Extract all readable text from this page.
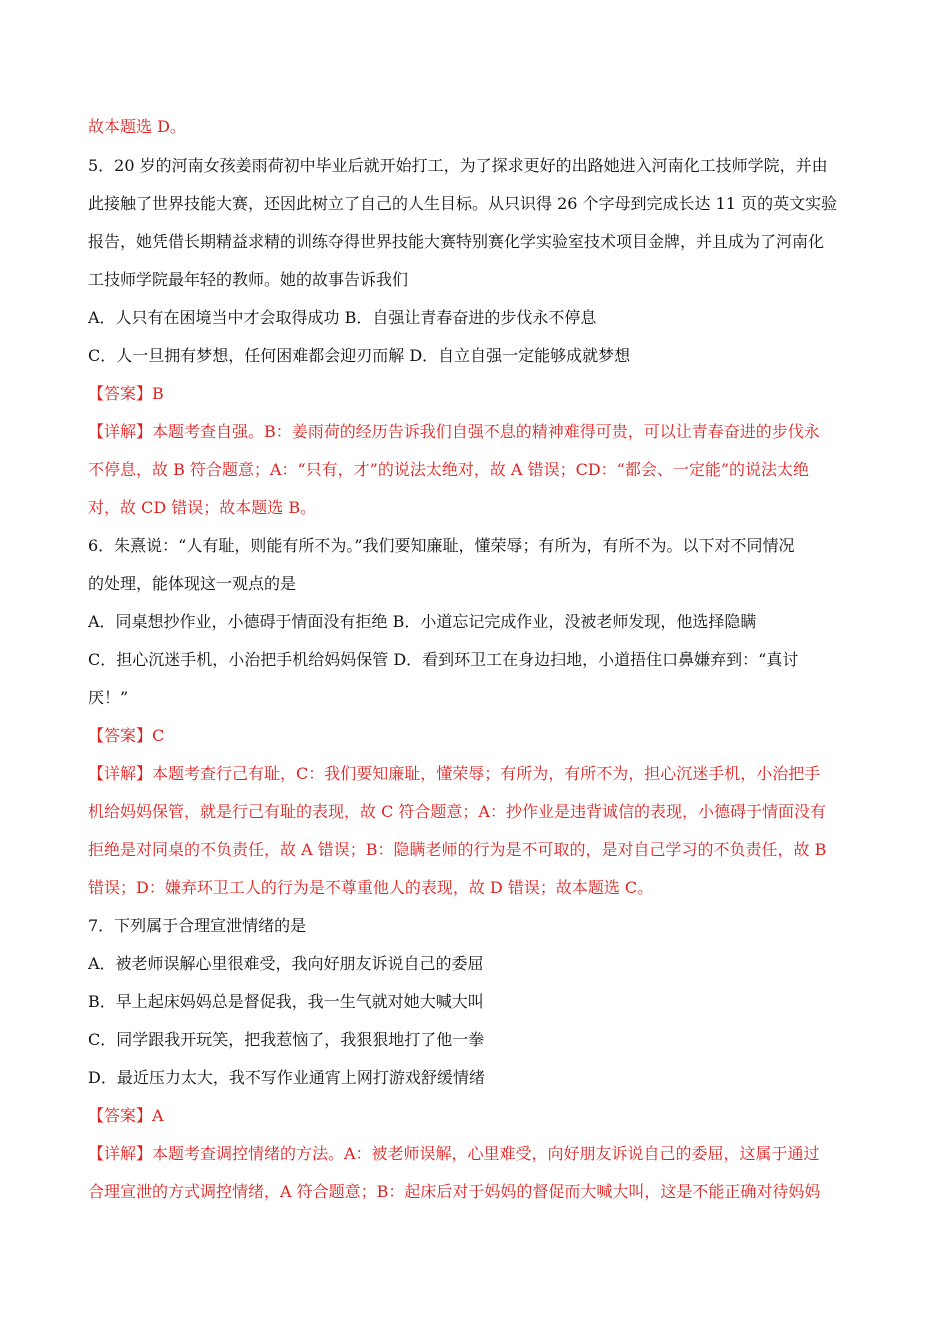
故本题选 D。
5．20 岁的河南女孩姜雨荷初中毕业后就开始打工，为了探求更好的出路她进入河南化工技师学院，并由
此接触了世界技能大赛，还因此树立了自己的人生目标。从只识得 26 个字母到完成长达 11 页的英文实验
报告，她凭借长期精益求精的训练夺得世界技能大赛特别赛化学实验室技术项目金牌，并且成为了河南化
工技师学院最年轻的教师。她的故事告诉我们
A．人只有在困境当中才会取得成功 B．自强让青春奋进的步伐永不停息
C．人一旦拥有梦想，任何困难都会迎刃而解 D．自立自强一定能够成就梦想
【答案】B
【详解】本题考查自强。B：姜雨荷的经历告诉我们自强不息的精神难得可贵，可以让青春奋进的步伐永
不停息，故 B 符合题意；A：“只有，才”的说法太绝对，故 A 错误；CD：“都会、一定能”的说法太绝
对，故 CD 错误；故本题选 B。
6．朱熹说：“人有耻，则能有所不为。”我们要知廉耻，懂荣辱；有所为，有所不为。以下对不同情况
的处理，能体现这一观点的是
A．同桌想抄作业，小德碍于情面没有拒绝 B．小道忘记完成作业，没被老师发现，他选择隐瞒
C．担心沉迷手机，小治把手机给妈妈保管 D．看到环卫工在身边扫地，小道捂住口鼻嫌弃到：“真讨
厌！”
【答案】C
【详解】本题考查行己有耻，C：我们要知廉耻，懂荣辱；有所为，有所不为，担心沉迷手机，小治把手
机给妈妈保管，就是行己有耻的表现，故 C 符合题意；A：抄作业是违背诚信的表现，小德碍于情面没有
拒绝是对同桌的不负责任，故 A 错误；B：隐瞒老师的行为是不可取的，是对自己学习的不负责任，故 B
错误；D：嫌弃环卫工人的行为是不尊重他人的表现，故 D 错误；故本题选 C。
7．下列属于合理宣泄情绪的是
A．被老师误解心里很难受，我向好朋友诉说自己的委屈
B．早上起床妈妈总是督促我，我一生气就对她大喊大叫
C．同学跟我开玩笑，把我惹恼了，我狠狠地打了他一拳
D．最近压力太大，我不写作业通宵上网打游戏舒缓情绪
【答案】A
【详解】本题考查调控情绪的方法。A：被老师误解，心里难受，向好朋友诉说自己的委屈，这属于通过
合理宣泄的方式调控情绪，A 符合题意；B：起床后对于妈妈的督促而大喊大叫，这是不能正确对待妈妈
